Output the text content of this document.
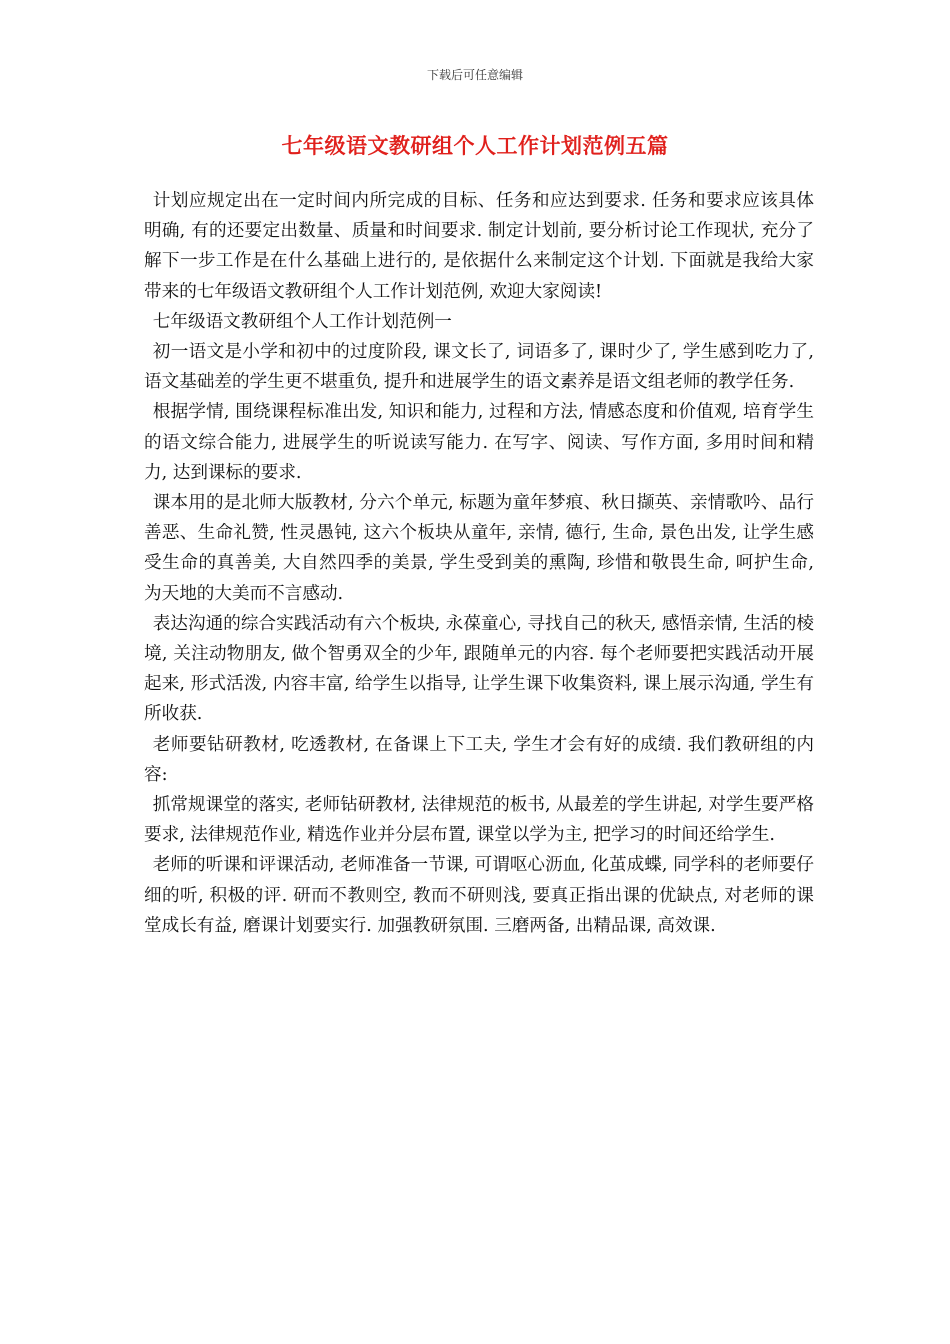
下载后可任意编辑
七年级语文教研组个人工作计划范例五篇

计划应规定出在一定时间内所完成的目标、任务和应达到要求. 任务和要求应该具体明确, 有的还要定出数量、质量和时间要求. 制定计划前, 要分析讨论工作现状, 充分了解下一步工作是在什么基础上进行的, 是依据什么来制定这个计划. 下面就是我给大家带来的七年级语文教研组个人工作计划范例, 欢迎大家阅读!

七年级语文教研组个人工作计划范例一

初一语文是小学和初中的过度阶段, 课文长了, 词语多了, 课时少了, 学生感到吃力了, 语文基础差的学生更不堪重负, 提升和进展学生的语文素养是语文组老师的教学任务.

根据学情, 围绕课程标准出发, 知识和能力, 过程和方法, 情感态度和价值观, 培育学生的语文综合能力, 进展学生的听说读写能力. 在写字、阅读、写作方面, 多用时间和精力, 达到课标的要求.

课本用的是北师大版教材, 分六个单元, 标题为童年梦痕、秋日撷英、亲情歌吟、品行善恶、生命礼赞, 性灵愚钝, 这六个板块从童年, 亲情, 德行, 生命, 景色出发, 让学生感受生命的真善美, 大自然四季的美景, 学生受到美的熏陶, 珍惜和敬畏生命, 呵护生命, 为天地的大美而不言感动.

表达沟通的综合实践活动有六个板块, 永葆童心, 寻找自己的秋天, 感悟亲情, 生活的棱境, 关注动物朋友, 做个智勇双全的少年, 跟随单元的内容. 每个老师要把实践活动开展起来, 形式活泼, 内容丰富, 给学生以指导, 让学生课下收集资料, 课上展示沟通, 学生有所收获.

老师要钻研教材, 吃透教材, 在备课上下工夫, 学生才会有好的成绩. 我们教研组的内容:

抓常规课堂的落实, 老师钻研教材, 法律规范的板书, 从最差的学生讲起, 对学生要严格要求, 法律规范作业, 精选作业并分层布置, 课堂以学为主, 把学习的时间还给学生.

老师的听课和评课活动, 老师准备一节课, 可谓呕心沥血, 化茧成蝶, 同学科的老师要仔细的听, 积极的评. 研而不教则空, 教而不研则浅, 要真正指出课的优缺点, 对老师的课堂成长有益, 磨课计划要实行. 加强教研氛围. 三磨两备, 出精品课, 高效课.
